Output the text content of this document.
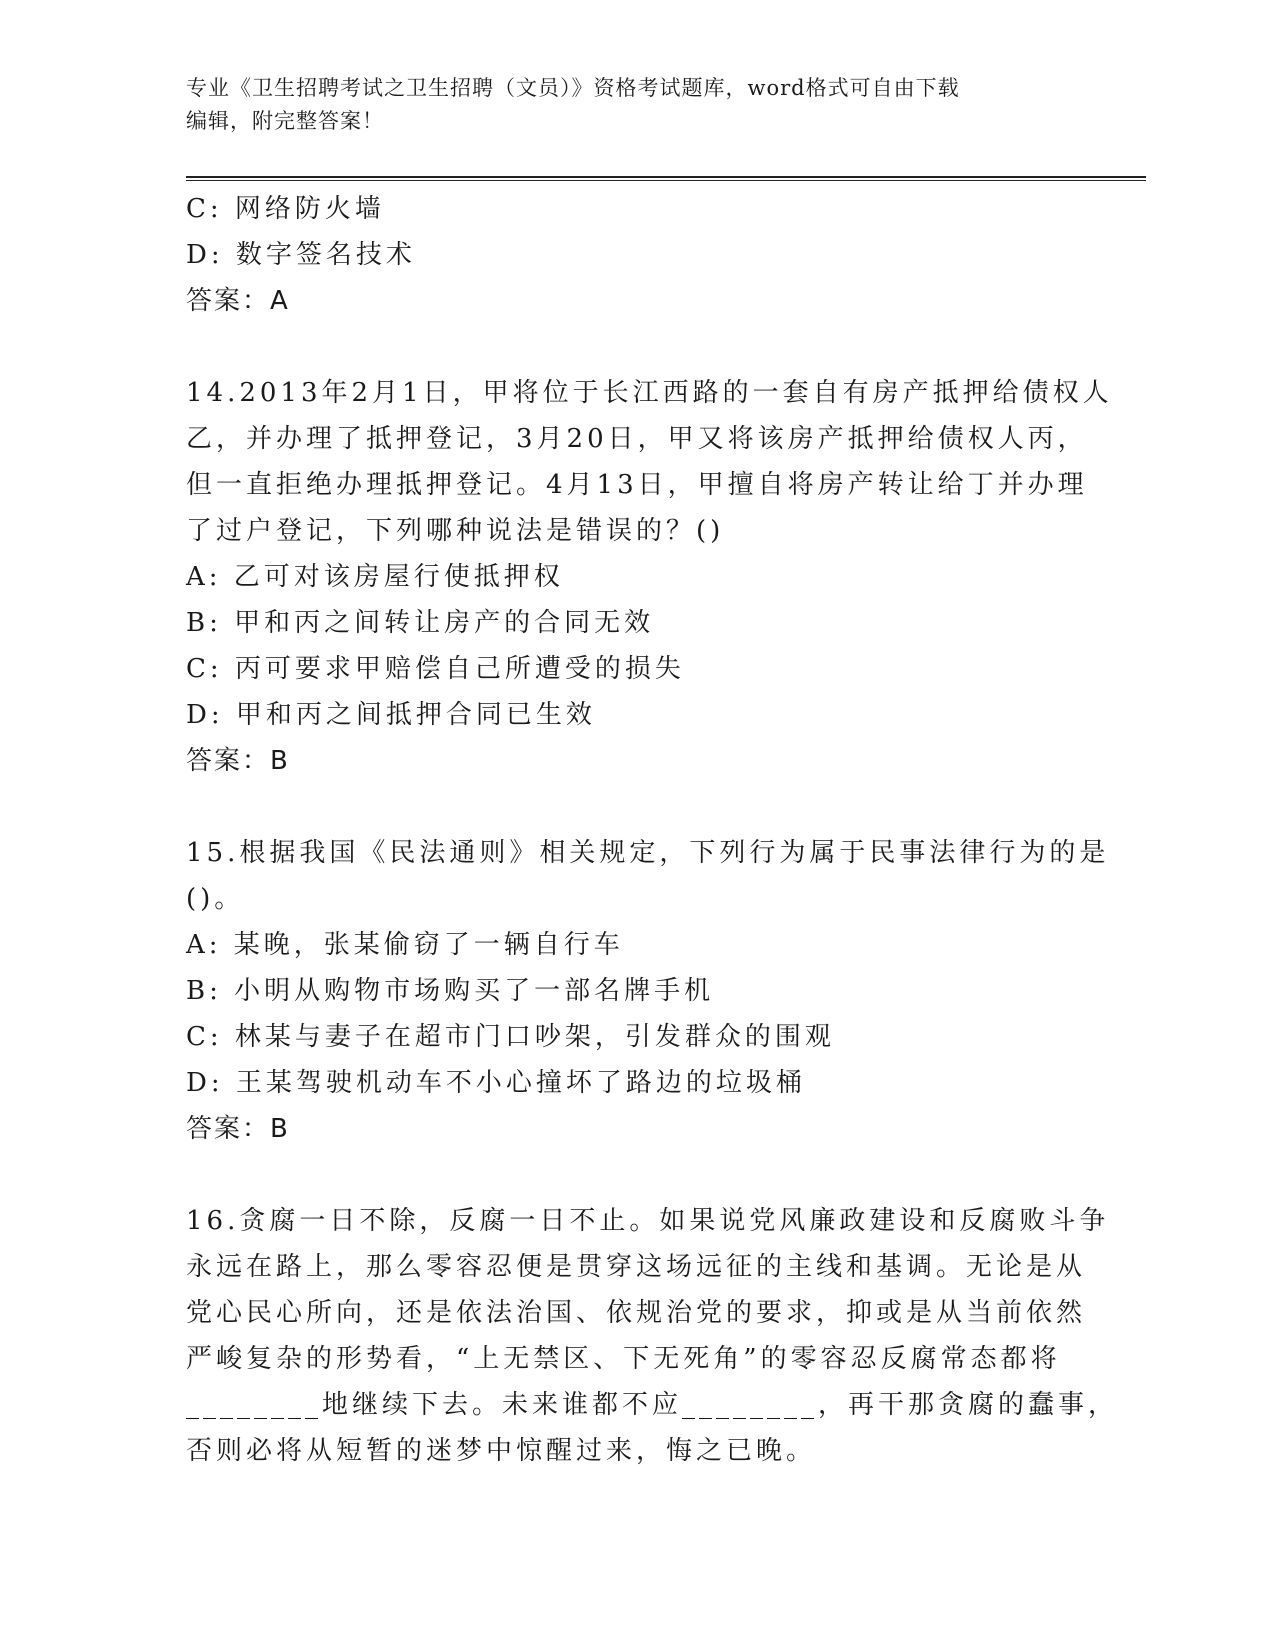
专业《卫生招聘考试之卫生招聘（文员）》资格考试题库，word格式可自由下载
编辑，附完整答案！

C: 网络防火墙

D: 数字签名技术

答案：A

14.2013年2月1日，甲将位于长江西路的一套自有房产抵押给债权人

乙，并办理了抵押登记，3月20日，甲又将该房产抵押给债权人丙，

但一直拒绝办理抵押登记。4月13日，甲擅自将房产转让给丁并办理

了过户登记，下列哪种说法是错误的？()

A: 乙可对该房屋行使抵押权

B: 甲和丙之间转让房产的合同无效

C: 丙可要求甲赔偿自己所遭受的损失

D: 甲和丙之间抵押合同已生效

答案：B

15.根据我国《民法通则》相关规定，下列行为属于民事法律行为的是

()。

A: 某晚，张某偷窃了一辆自行车

B: 小明从购物市场购买了一部名牌手机

C: 林某与妻子在超市门口吵架，引发群众的围观

D: 王某驾驶机动车不小心撞坏了路边的垃圾桶

答案：B

16.贪腐一日不除，反腐一日不止。如果说党风廉政建设和反腐败斗争

永远在路上，那么零容忍便是贯穿这场远征的主线和基调。无论是从

党心民心所向，还是依法治国、依规治党的要求，抑或是从当前依然

严峻复杂的形势看，“上无禁区、下无死角”的零容忍反腐常态都将

________地继续下去。未来谁都不应________，再干那贪腐的蠢事，

否则必将从短暂的迷梦中惊醒过来，悔之已晚。
